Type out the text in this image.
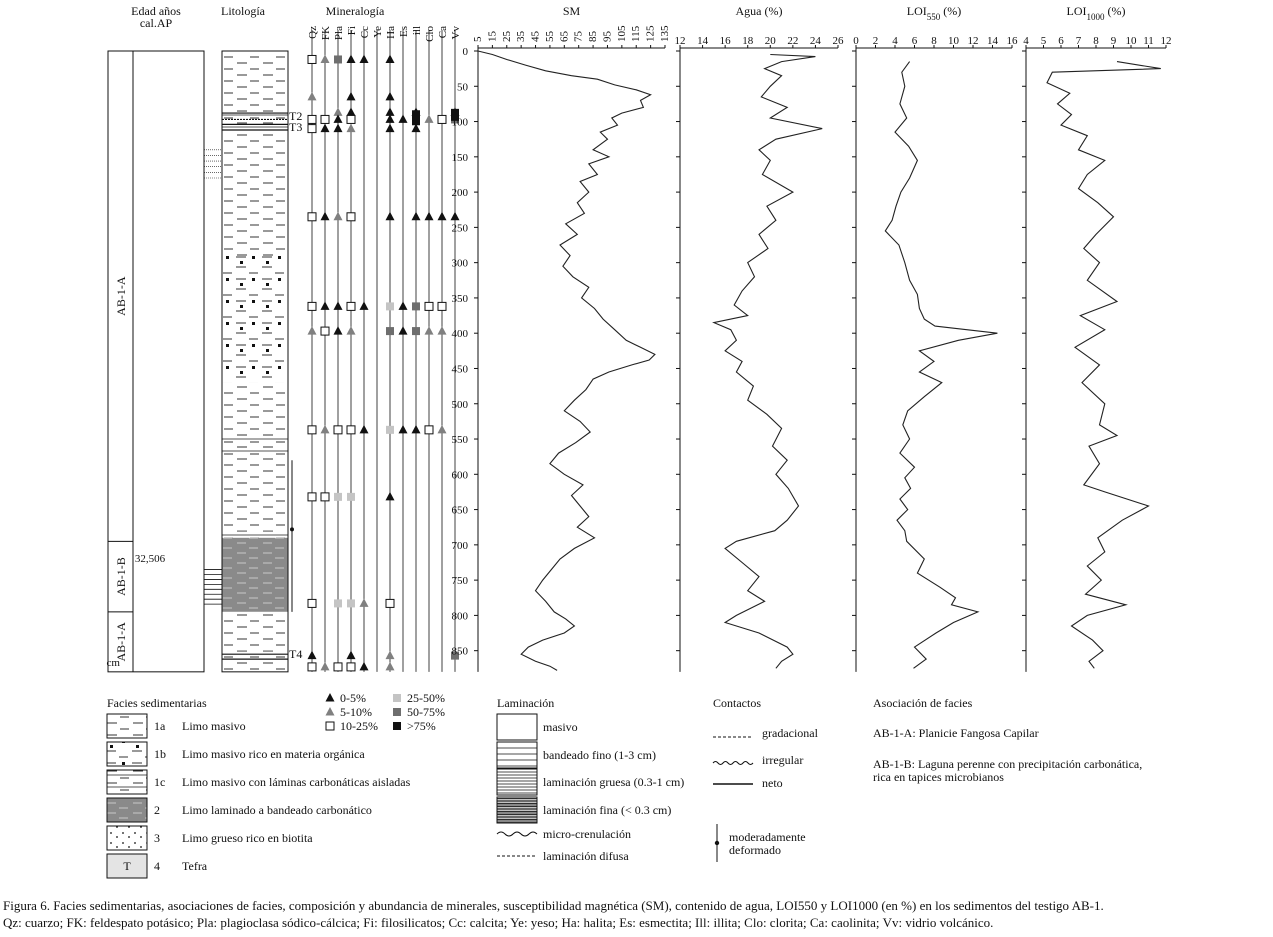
Edad años
cal.AP
Litología	Mineralogía
Qz FK Pla Fi Cc Ye Ha Es ill Clo Ca Vv
AB-1-A
AB-1-B
AB-1-A
32,506
T2
T3
T4
cm
SM
5 15 25 35 45 55 65 75 85 95 105 115 125 135
Agua (%)
12 14 16 18 20 22 24 26
$LOI_{550}$ (%)
0 2 4 6 8 10 12 14 16
$LOI_{1000}$ (%)
4 5 6 7 8 9 10 11 12
0
50
100
150
200
250
300
350
400
450
500
550
600
650
700
750
800
850
Facies sedimentarias
1a Limo masivo
1b Limo masivo rico en materia orgánica
1c Limo masivo con láminas carbonáticas aisladas
2 Limo laminado a bandeado carbonático
3 Limo grueso rico en biotita
T 4 Tefra
0-5%
5-10%
10-25%
25-50%
50-75%
>75%
Laminación
masivo
bandeado fino (1-3 cm)
laminación gruesa (0.3-1 cm)
laminación fina (< 0.3 cm)
micro-crenulación
laminación difusa
Contactos
gradacional
irregular
neto
moderadamente
deformado
Asociación de facies
AB-1-A: Planicie Fangosa Capilar
AB-1-B: Laguna perenne con precipitación carbonática,
rica en tapices microbianos
Figura 6. Facies sedimentarias, asociaciones de facies, composición y abundancia de minerales, susceptibilidad magnética (SM), contenido de agua, LOI550 y LOI1000 (en %) en los sedimentos del testigo AB-1.
Qz: cuarzo; FK: feldespato potásico; Pla: plagioclasa sódico-cálcica; Fi: filosilicatos; Cc: calcita; Ye: yeso; Ha: halita; Es: esmectita; Ill: illita; Clo: clorita; Ca: caolinita; Vv: vidrio volcánico.
